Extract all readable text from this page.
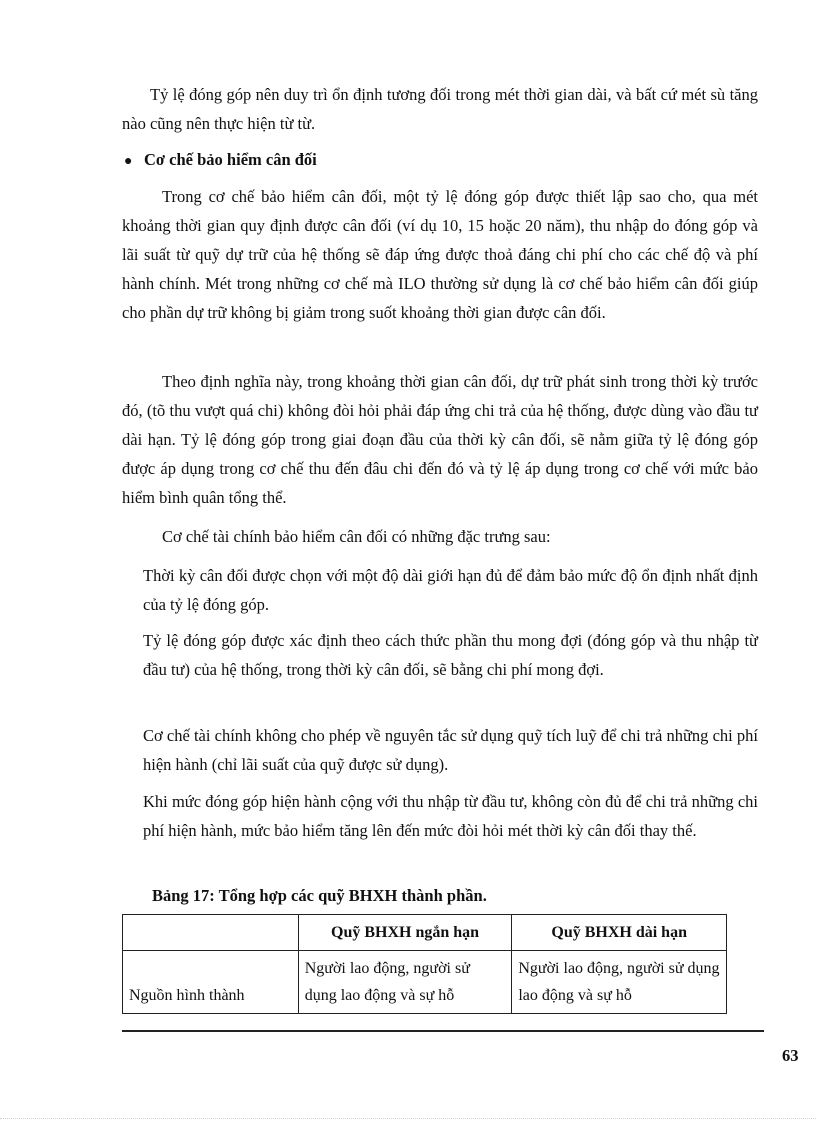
Tỷ lệ đóng góp nên duy trì ổn định tương đối trong mét thời gian dài, và bất cứ mét sù tăng nào cũng nên thực hiện từ từ.

● Cơ chế bảo hiểm cân đối

Trong cơ chế bảo hiểm cân đối, một tỷ lệ đóng góp được thiết lập sao cho, qua mét khoảng thời gian quy định được cân đối (ví dụ 10, 15 hoặc 20 năm), thu nhập do đóng góp và lãi suất từ quỹ dự trữ của hệ thống sẽ đáp ứng được thoả đáng chi phí cho các chế độ và phí hành chính. Mét trong những cơ chế mà ILO thường sử dụng là cơ chế bảo hiểm cân đối giúp cho phần dự trữ không bị giảm trong suốt khoảng thời gian được cân đối.

Theo định nghĩa này, trong khoảng thời gian cân đối, dự trữ phát sinh trong thời kỳ trước đó, (tõ thu vượt quá chi) không đòi hỏi phải đáp ứng chi trả của hệ thống, được dùng vào đầu tư dài hạn. Tỷ lệ đóng góp trong giai đoạn đầu của thời kỳ cân đối, sẽ nằm giữa tỷ lệ đóng góp được áp dụng trong cơ chế thu đến đâu chi đến đó và tỷ lệ áp dụng trong cơ chế với mức bảo hiểm bình quân tổng thể.

Cơ chế tài chính bảo hiểm cân đối có những đặc trưng sau:

Thời kỳ cân đối được chọn với một độ dài giới hạn đủ để đảm bảo mức độ ổn định nhất định của tỷ lệ đóng góp.

Tỷ lệ đóng góp được xác định theo cách thức phần thu mong đợi (đóng góp và thu nhập từ đầu tư) của hệ thống, trong thời kỳ cân đối, sẽ bằng chi phí mong đợi.

Cơ chế tài chính không cho phép về nguyên tắc sử dụng quỹ tích luỹ để chi trả những chi phí hiện hành (chỉ lãi suất của quỹ được sử dụng).

Khi mức đóng góp hiện hành cộng với thu nhập từ đầu tư, không còn đủ để chi trả những chi phí hiện hành, mức bảo hiểm tăng lên đến mức đòi hỏi mét thời kỳ cân đối thay thế.

Bảng 17: Tổng hợp các quỹ BHXH thành phần.

	Quỹ BHXH ngắn hạn	Quỹ BHXH dài hạn
Nguồn hình thành	Người lao động, người sử dụng lao động và sự hỗ	Người lao động, người sử dụng lao động và sự hỗ
63
